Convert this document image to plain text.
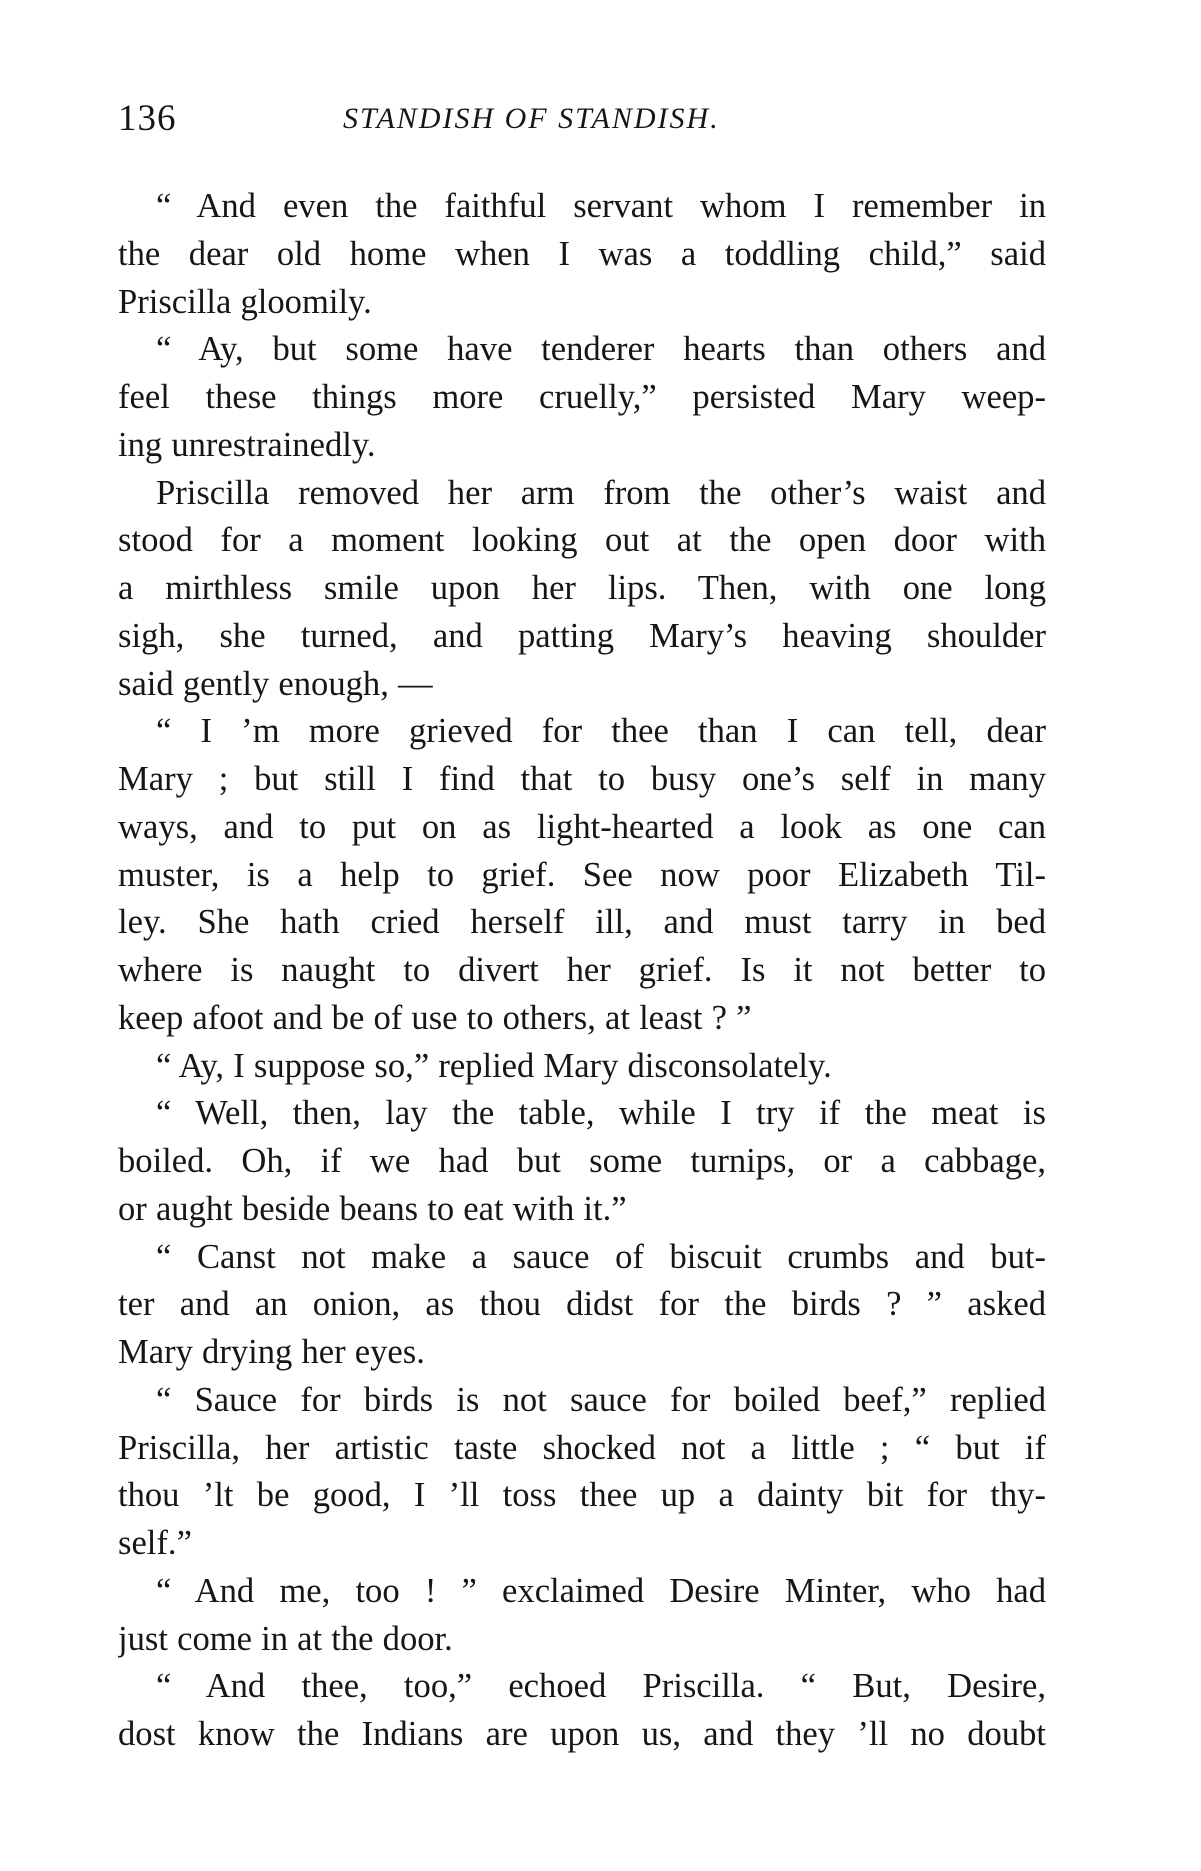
136	STANDISH OF STANDISH.
“ And even the faithful servant whom I remember in
the dear old home when I was a toddling child,” said
Priscilla gloomily.
“ Ay, but some have tenderer hearts than others and
feel these things more cruelly,” persisted Mary weep-
ing unrestrainedly.
Priscilla removed her arm from the other’s waist and
stood for a moment looking out at the open door with
a mirthless smile upon her lips. Then, with one long
sigh, she turned, and patting Mary’s heaving shoulder
said gently enough, —
“ I ’m more grieved for thee than I can tell, dear
Mary ; but still I find that to busy one’s self in many
ways, and to put on as light-hearted a look as one can
muster, is a help to grief. See now poor Elizabeth Til-
ley. She hath cried herself ill, and must tarry in bed
where is naught to divert her grief. Is it not better to
keep afoot and be of use to others, at least ? ”
“ Ay, I suppose so,” replied Mary disconsolately.
“ Well, then, lay the table, while I try if the meat is
boiled. Oh, if we had but some turnips, or a cabbage,
or aught beside beans to eat with it.”
“ Canst not make a sauce of biscuit crumbs and but-
ter and an onion, as thou didst for the birds ? ” asked
Mary drying her eyes.
“ Sauce for birds is not sauce for boiled beef,” replied
Priscilla, her artistic taste shocked not a little ; “ but if
thou ’lt be good, I ’ll toss thee up a dainty bit for thy-
self.”
“ And me, too ! ” exclaimed Desire Minter, who had
just come in at the door.
“ And thee, too,” echoed Priscilla. “ But, Desire,
dost know the Indians are upon us, and they ’ll no doubt
